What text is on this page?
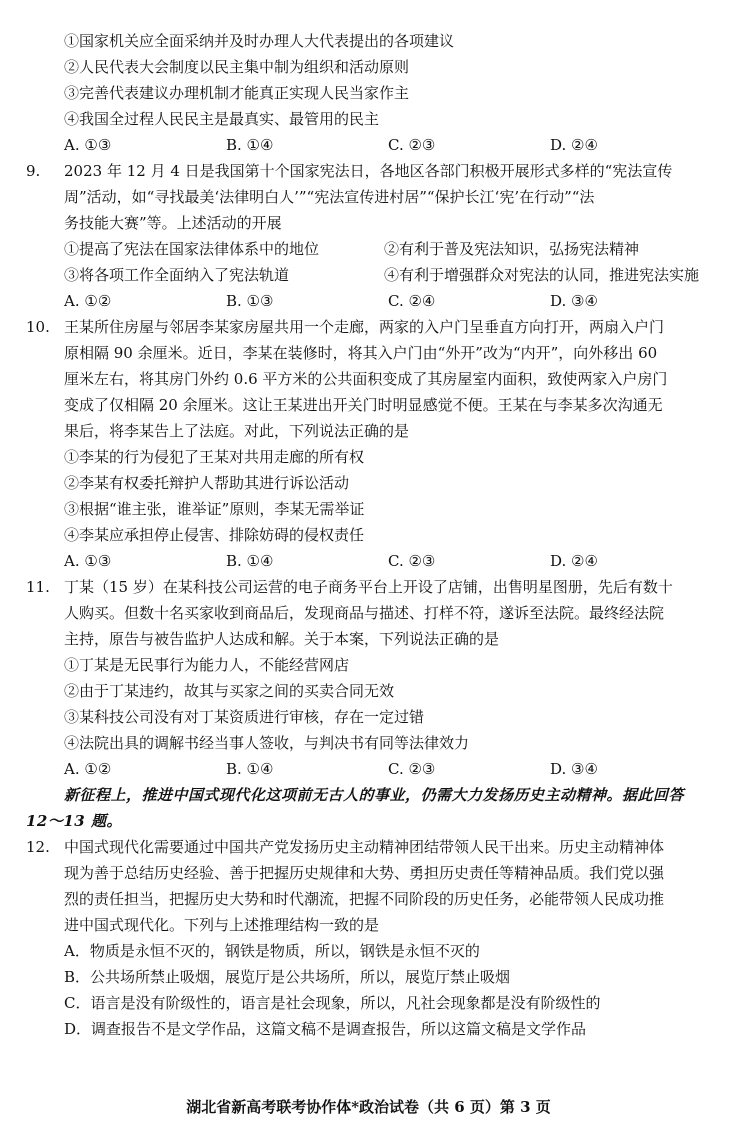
①国家机关应全面采纳并及时办理人大代表提出的各项建议
②人民代表大会制度以民主集中制为组织和活动原则
③完善代表建议办理机制才能真正实现人民当家作主
④我国全过程人民民主是最真实、最管用的民主
A. ①③	B. ①④	C. ②③	D. ②④
9.	2023 年 12 月 4 日是我国第十个国家宪法日，各地区各部门积极开展形式多样的“宪法宣传
周”活动，如“寻找最美‘法律明白人’”“宪法宣传进村居”“保护长江‘宪’在行动”“法
务技能大赛”等。上述活动的开展
①提高了宪法在国家法律体系中的地位	②有利于普及宪法知识，弘扬宪法精神
③将各项工作全面纳入了宪法轨道	④有利于增强群众对宪法的认同，推进宪法实施
A. ①②	B. ①③	C. ②④	D. ③④
10. 王某所住房屋与邻居李某家房屋共用一个走廊，两家的入户门呈垂直方向打开，两扇入户门
原相隔 90 余厘米。近日，李某在装修时，将其入户门由“外开”改为“内开”，向外移出 60
厘米左右，将其房门外约 0.6 平方米的公共面积变成了其房屋室内面积，致使两家入户房门
变成了仅相隔 20 余厘米。这让王某进出开关门时明显感觉不便。王某在与李某多次沟通无
果后，将李某告上了法庭。对此，下列说法正确的是
①李某的行为侵犯了王某对共用走廊的所有权
②李某有权委托辩护人帮助其进行诉讼活动
③根据“谁主张，谁举证”原则，李某无需举证
④李某应承担停止侵害、排除妨碍的侵权责任
A. ①③	B. ①④	C. ②③	D. ②④
11. 丁某（15 岁）在某科技公司运营的电子商务平台上开设了店铺，出售明星图册，先后有数十
人购买。但数十名买家收到商品后，发现商品与描述、打样不符，遂诉至法院。最终经法院
主持，原告与被告监护人达成和解。关于本案，下列说法正确的是
①丁某是无民事行为能力人，不能经营网店
②由于丁某违约，故其与买家之间的买卖合同无效
③某科技公司没有对丁某资质进行审核，存在一定过错
④法院出具的调解书经当事人签收，与判决书有同等法律效力
A. ①②	B. ①④	C. ②③	D. ③④
新征程上，推进中国式现代化这项前无古人的事业，仍需大力发扬历史主动精神。据此回答
12～13 题。
12. 中国式现代化需要通过中国共产党发扬历史主动精神团结带领人民干出来。历史主动精神体
现为善于总结历史经验、善于把握历史规律和大势、勇担历史责任等精神品质。我们党以强
烈的责任担当，把握历史大势和时代潮流，把握不同阶段的历史任务，必能带领人民成功推
进中国式现代化。下列与上述推理结构一致的是
A．物质是永恒不灭的，钢铁是物质，所以，钢铁是永恒不灭的
B．公共场所禁止吸烟，展览厅是公共场所，所以，展览厅禁止吸烟
C．语言是没有阶级性的，语言是社会现象，所以，凡社会现象都是没有阶级性的
D．调查报告不是文学作品，这篇文稿不是调查报告，所以这篇文稿是文学作品
湖北省新高考联考协作体*政治试卷（共 6 页）第 3 页
